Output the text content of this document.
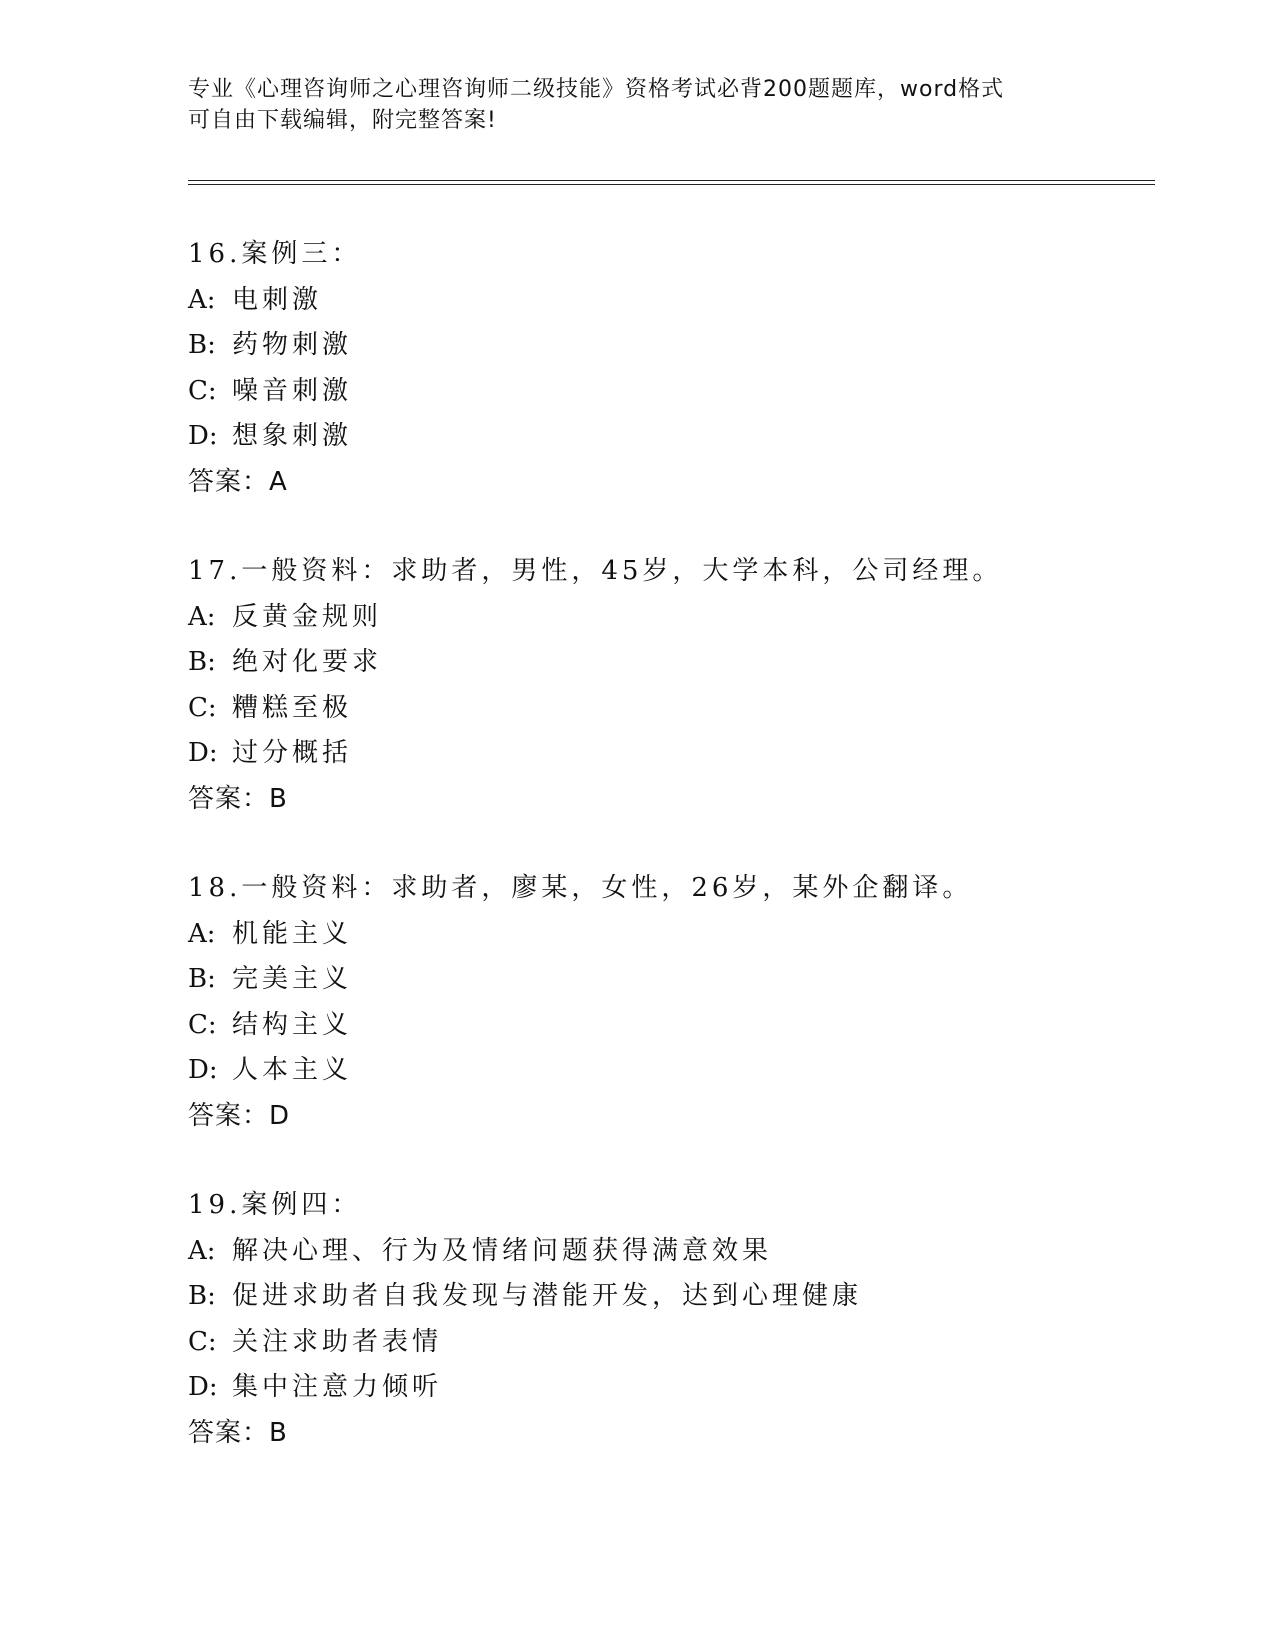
专业《心理咨询师之心理咨询师二级技能》资格考试必背200题题库，word格式
可自由下载编辑，附完整答案!
16.案例三：
A: 电刺激
B: 药物刺激
C: 噪音刺激
D: 想象刺激
答案：A
17.一般资料：求助者，男性，45岁，大学本科，公司经理。
A: 反黄金规则
B: 绝对化要求
C: 糟糕至极
D: 过分概括
答案：B
18.一般资料：求助者，廖某，女性，26岁，某外企翻译。
A: 机能主义
B: 完美主义
C: 结构主义
D: 人本主义
答案：D
19.案例四：
A: 解决心理、行为及情绪问题获得满意效果
B: 促进求助者自我发现与潜能开发，达到心理健康
C: 关注求助者表情
D: 集中注意力倾听
答案：B
